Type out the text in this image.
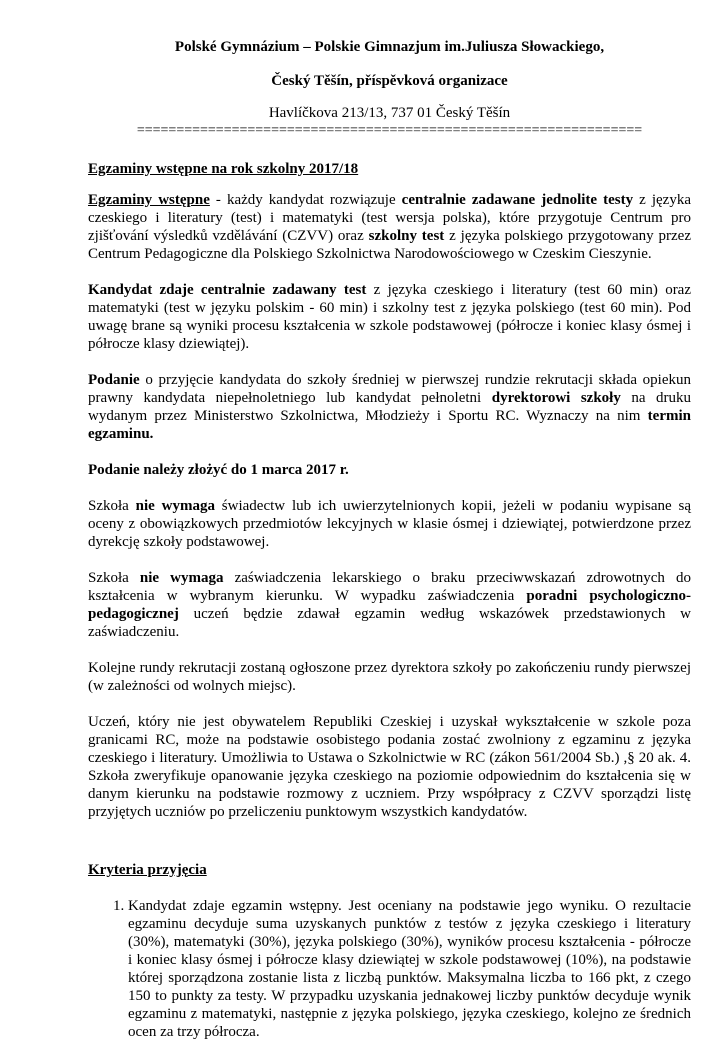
Polské Gymnázium – Polskie Gimnazjum im.Juliusza Słowackiego,
Český Těšín, příspěvková organizace
Havlíčkova 213/13, 737 01 Český Těšín
================================================================
Egzaminy wstępne na rok szkolny 2017/18

Egzaminy wstępne - każdy kandydat rozwiązuje centralnie zadawane jednolite testy z języka czeskiego i literatury (test) i matematyki (test wersja polska), które przygotuje Centrum pro zjišťování výsledků vzdělávání (CZVV) oraz szkolny test z języka polskiego przygotowany przez Centrum Pedagogiczne dla Polskiego Szkolnictwa Narodowościowego w Czeskim Cieszynie.

Kandydat zdaje centralnie zadawany test z języka czeskiego i literatury (test 60 min) oraz matematyki (test w języku polskim - 60 min) i szkolny test z języka polskiego (test 60 min). Pod uwagę brane są wyniki procesu kształcenia w szkole podstawowej (półrocze i koniec klasy ósmej i półrocze klasy dziewiątej).

Podanie o przyjęcie kandydata do szkoły średniej w pierwszej rundzie rekrutacji składa opiekun prawny kandydata niepełnoletniego lub kandydat pełnoletni dyrektorowi szkoły na druku wydanym przez Ministerstwo Szkolnictwa, Młodzieży i Sportu RC. Wyznaczy na nim termin egzaminu.

Podanie należy złożyć do 1 marca 2017 r.

Szkoła nie wymaga świadectw lub ich uwierzytelnionych kopii, jeżeli w podaniu wypisane są oceny z obowiązkowych przedmiotów lekcyjnych w klasie ósmej i dziewiątej, potwierdzone przez dyrekcję szkoły podstawowej.

Szkoła nie wymaga zaświadczenia lekarskiego o braku przeciwwskazań zdrowotnych do kształcenia w wybranym kierunku. W wypadku zaświadczenia poradni psychologiczno-pedagogicznej uczeń będzie zdawał egzamin według wskazówek przedstawionych w zaświadczeniu.

Kolejne rundy rekrutacji zostaną ogłoszone przez dyrektora szkoły po zakończeniu rundy pierwszej (w zależności od wolnych miejsc).

Uczeń, który nie jest obywatelem Republiki Czeskiej i uzyskał wykształcenie w szkole poza granicami RC, może na podstawie osobistego podania zostać zwolniony z egzaminu z języka czeskiego i literatury. Umożliwia to Ustawa o Szkolnictwie w RC (zákon 561/2004 Sb.) ,§ 20 ak. 4. Szkoła zweryfikuje opanowanie języka czeskiego na poziomie odpowiednim do kształcenia się w danym kierunku na podstawie rozmowy z uczniem. Przy współpracy z CZVV sporządzi listę przyjętych uczniów po przeliczeniu punktowym wszystkich kandydatów.

Kryteria przyjęcia
1. Kandydat zdaje egzamin wstępny. Jest oceniany na podstawie jego wyniku. O rezultacie egzaminu decyduje suma uzyskanych punktów z testów z języka czeskiego i literatury (30%), matematyki (30%), języka polskiego (30%), wyników procesu kształcenia - półrocze i koniec klasy ósmej i półrocze klasy dziewiątej w szkole podstawowej (10%), na podstawie której sporządzona zostanie lista z liczbą punktów. Maksymalna liczba to 166 pkt, z czego 150 to punkty za testy. W przypadku uzyskania jednakowej liczby punktów decyduje wynik egzaminu z matematyki, następnie z języka polskiego, języka czeskiego, kolejno ze średnich ocen za trzy półrocza.
